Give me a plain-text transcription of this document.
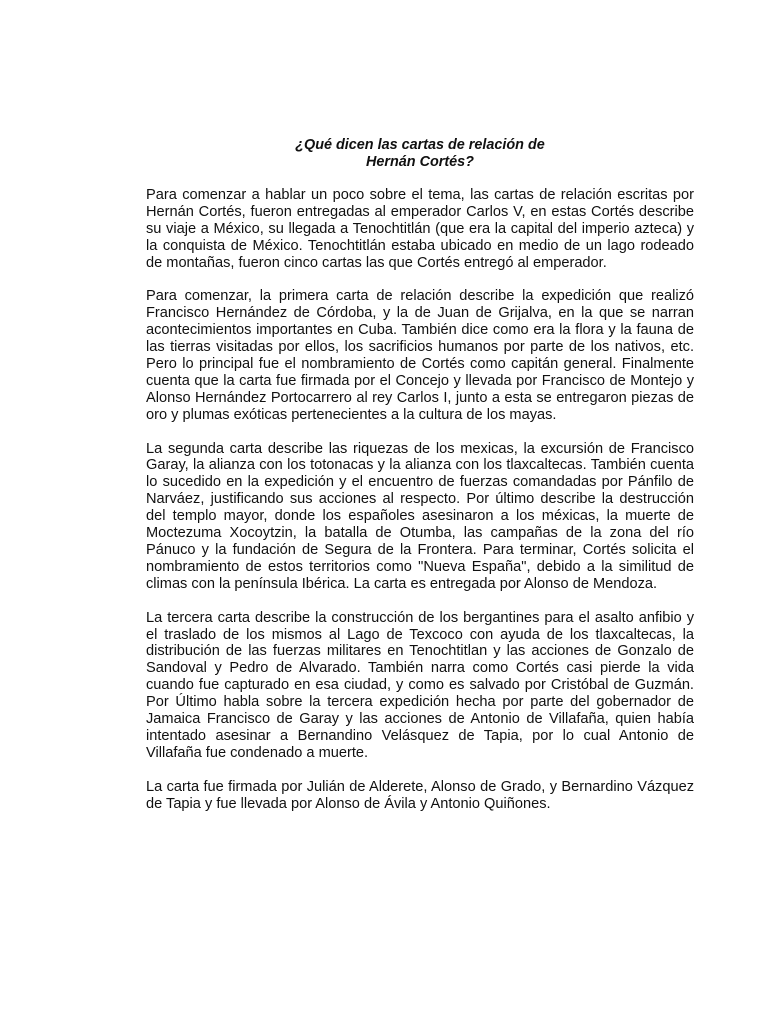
¿Qué dicen las cartas de relación de
Hernán Cortés?

Para comenzar a hablar un poco sobre el tema, las cartas de relación escritas por Hernán Cortés, fueron entregadas al emperador Carlos V, en estas Cortés describe su viaje a México, su llegada a Tenochtitlán (que era la capital del imperio azteca) y la conquista de México. Tenochtitlán estaba ubicado en medio de un lago rodeado de montañas, fueron cinco cartas las que Cortés entregó al emperador.

Para comenzar, la primera carta de relación describe la expedición que realizó Francisco Hernández de Córdoba, y la de Juan de Grijalva, en la que se narran acontecimientos importantes en Cuba. También dice como era la flora y la fauna de las tierras visitadas por ellos, los sacrificios humanos por parte de los nativos, etc. Pero lo principal fue el nombramiento de Cortés como capitán general. Finalmente cuenta que la carta fue firmada por el Concejo y llevada por Francisco de Montejo y Alonso Hernández Portocarrero al rey Carlos I, junto a esta se entregaron piezas de oro y plumas exóticas pertenecientes a la cultura de los mayas.

La segunda carta describe las riquezas de los mexicas, la excursión de Francisco Garay, la alianza con los totonacas y la alianza con los tlaxcaltecas. También cuenta lo sucedido en la expedición y el encuentro de fuerzas comandadas por Pánfilo de Narváez, justificando sus acciones al respecto. Por último describe la destrucción del templo mayor, donde los españoles asesinaron a los méxicas, la muerte de Moctezuma Xocoytzin, la batalla de Otumba, las campañas de la zona del río Pánuco y la fundación de Segura de la Frontera. Para terminar, Cortés solicita el nombramiento de estos territorios como "Nueva España", debido a la similitud de climas con la península Ibérica. La carta es entregada por Alonso de Mendoza.

La tercera carta describe la construcción de los bergantines para el asalto anfibio y el traslado de los mismos al Lago de Texcoco con ayuda de los tlaxcaltecas, la distribución de las fuerzas militares en Tenochtitlan y las acciones de Gonzalo de Sandoval y Pedro de Alvarado. También narra como Cortés casi pierde la vida cuando fue capturado en esa ciudad, y como es salvado por Cristóbal de Guzmán. Por Último habla sobre la tercera expedición hecha por parte del gobernador de Jamaica Francisco de Garay y las acciones de Antonio de Villafaña, quien había intentado asesinar a Bernandino Velásquez de Tapia, por lo cual Antonio de Villafaña fue condenado a muerte.

La carta fue firmada por Julián de Alderete, Alonso de Grado, y Bernardino Vázquez de Tapia y fue llevada por Alonso de Ávila y Antonio Quiñones.
